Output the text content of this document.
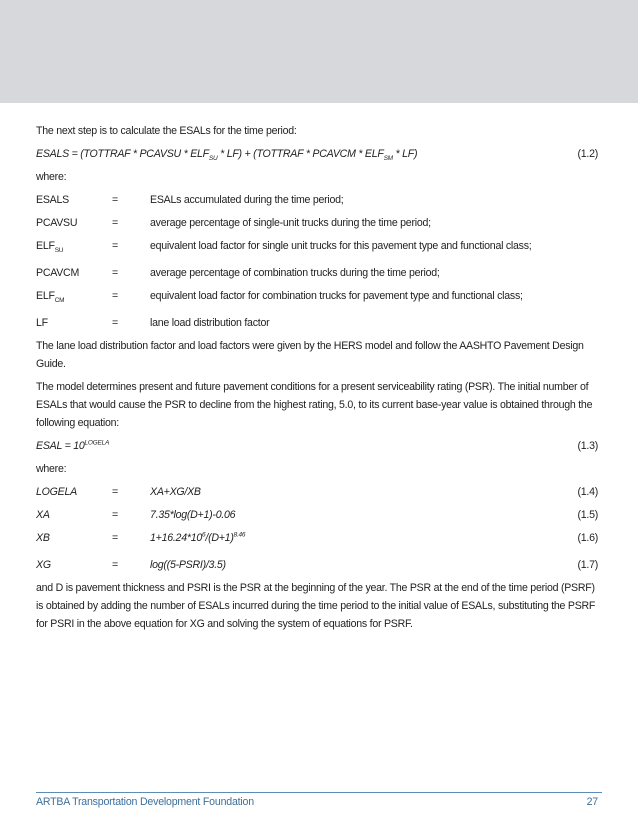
The next step is to calculate the ESALs for the time period:

ESALS = (TOTTRAF * PCAVSU * $ELF_{SU} * LF$) + (TOTTRAF * PCAVCM * $ELF_{SM} * LF$)	(1.2)

where:

ESALS	=	ESALs accumulated during the time period;
PCAVSU	=	average percentage of single-unit trucks during the time period;
$ELF_{SU}$	=	equivalent load factor for single unit trucks for this pavement type and functional class;
PCAVCM	=	average percentage of combination trucks during the time period;
$ELF_{CM}$	=	equivalent load factor for combination trucks for pavement type and functional class;
LF	=	lane load distribution factor

The lane load distribution factor and load factors were given by the HERS model and follow the AASHTO Pavement Design Guide.

The model determines present and future pavement conditions for a present serviceability rating (PSR). The initial number of ESALs that would cause the PSR to decline from the highest rating, 5.0, to its current base-year value is obtained through the following equation:

ESAL = $10^{LOGELA}$	(1.3)

where:

LOGELA	=	XA+XG/XB	(1.4)
XA	=	7.35*log(D+1)-0.06	(1.5)
XB	=	$1+16.24*10^6/(D+1)^{8.46}$	(1.6)
XG	=	log((5-PSRI)/3.5)	(1.7)

and D is pavement thickness and PSRI is the PSR at the beginning of the year. The PSR at the end of the time period (PSRF) is obtained by adding the number of ESALs incurred during the time period to the initial value of ESALs, substituting the PSRF for PSRI in the above equation for XG and solving the system of equations for PSRF.

ARTBA Transportation Development Foundation	27
